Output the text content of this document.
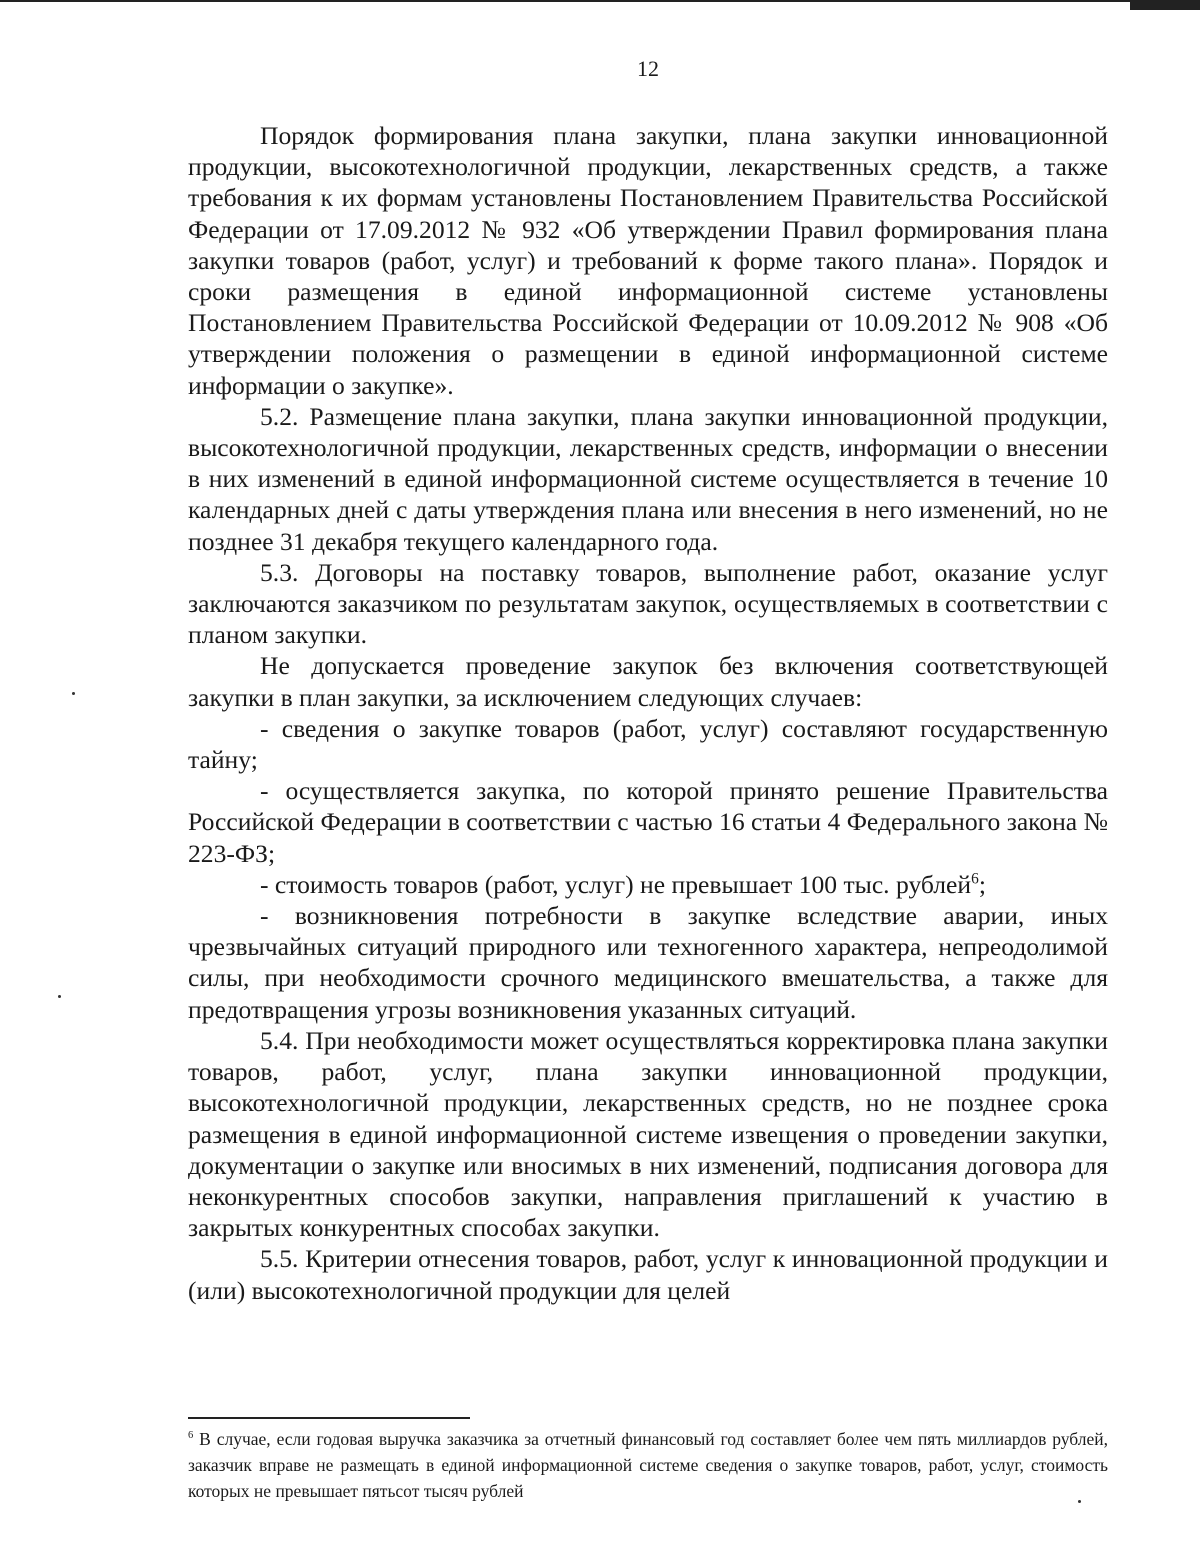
12

Порядок формирования плана закупки, плана закупки инновационной продукции, высокотехнологичной продукции, лекарственных средств, а также требования к их формам установлены Постановлением Правительства Российской Федерации от 17.09.2012 № 932 «Об утверждении Правил формирования плана закупки товаров (работ, услуг) и требований к форме такого плана». Порядок и сроки размещения в единой информационной системе установлены Постановлением Правительства Российской Федерации от 10.09.2012 № 908 «Об утверждении положения о размещении в единой информационной системе информации о закупке».

5.2. Размещение плана закупки, плана закупки инновационной продукции, высокотехнологичной продукции, лекарственных средств, информации о внесении в них изменений в единой информационной системе осуществляется в течение 10 календарных дней с даты утверждения плана или внесения в него изменений, но не позднее 31 декабря текущего календарного года.

5.3. Договоры на поставку товаров, выполнение работ, оказание услуг заключаются заказчиком по результатам закупок, осуществляемых в соответствии с планом закупки.

Не допускается проведение закупок без включения соответствующей закупки в план закупки, за исключением следующих случаев:

- сведения о закупке товаров (работ, услуг) составляют государственную тайну;

- осуществляется закупка, по которой принято решение Правительства Российской Федерации в соответствии с частью 16 статьи 4 Федерального закона № 223-ФЗ;

- стоимость товаров (работ, услуг) не превышает 100 тыс. рублей$^6$;

- возникновения потребности в закупке вследствие аварии, иных чрезвычайных ситуаций природного или техногенного характера, непреодолимой силы, при необходимости срочного медицинского вмешательства, а также для предотвращения угрозы возникновения указанных ситуаций.

5.4. При необходимости может осуществляться корректировка плана закупки товаров, работ, услуг, плана закупки инновационной продукции, высокотехнологичной продукции, лекарственных средств, но не позднее срока размещения в единой информационной системе извещения о проведении закупки, документации о закупке или вносимых в них изменений, подписания договора для неконкурентных способов закупки, направления приглашений к участию в закрытых конкурентных способах закупки.

5.5. Критерии отнесения товаров, работ, услуг к инновационной продукции и (или) высокотехнологичной продукции для целей

$^6$ В случае, если годовая выручка заказчика за отчетный финансовый год составляет более чем пять миллиардов рублей, заказчик вправе не размещать в единой информационной системе сведения о закупке товаров, работ, услуг, стоимость которых не превышает пятьсот тысяч рублей
